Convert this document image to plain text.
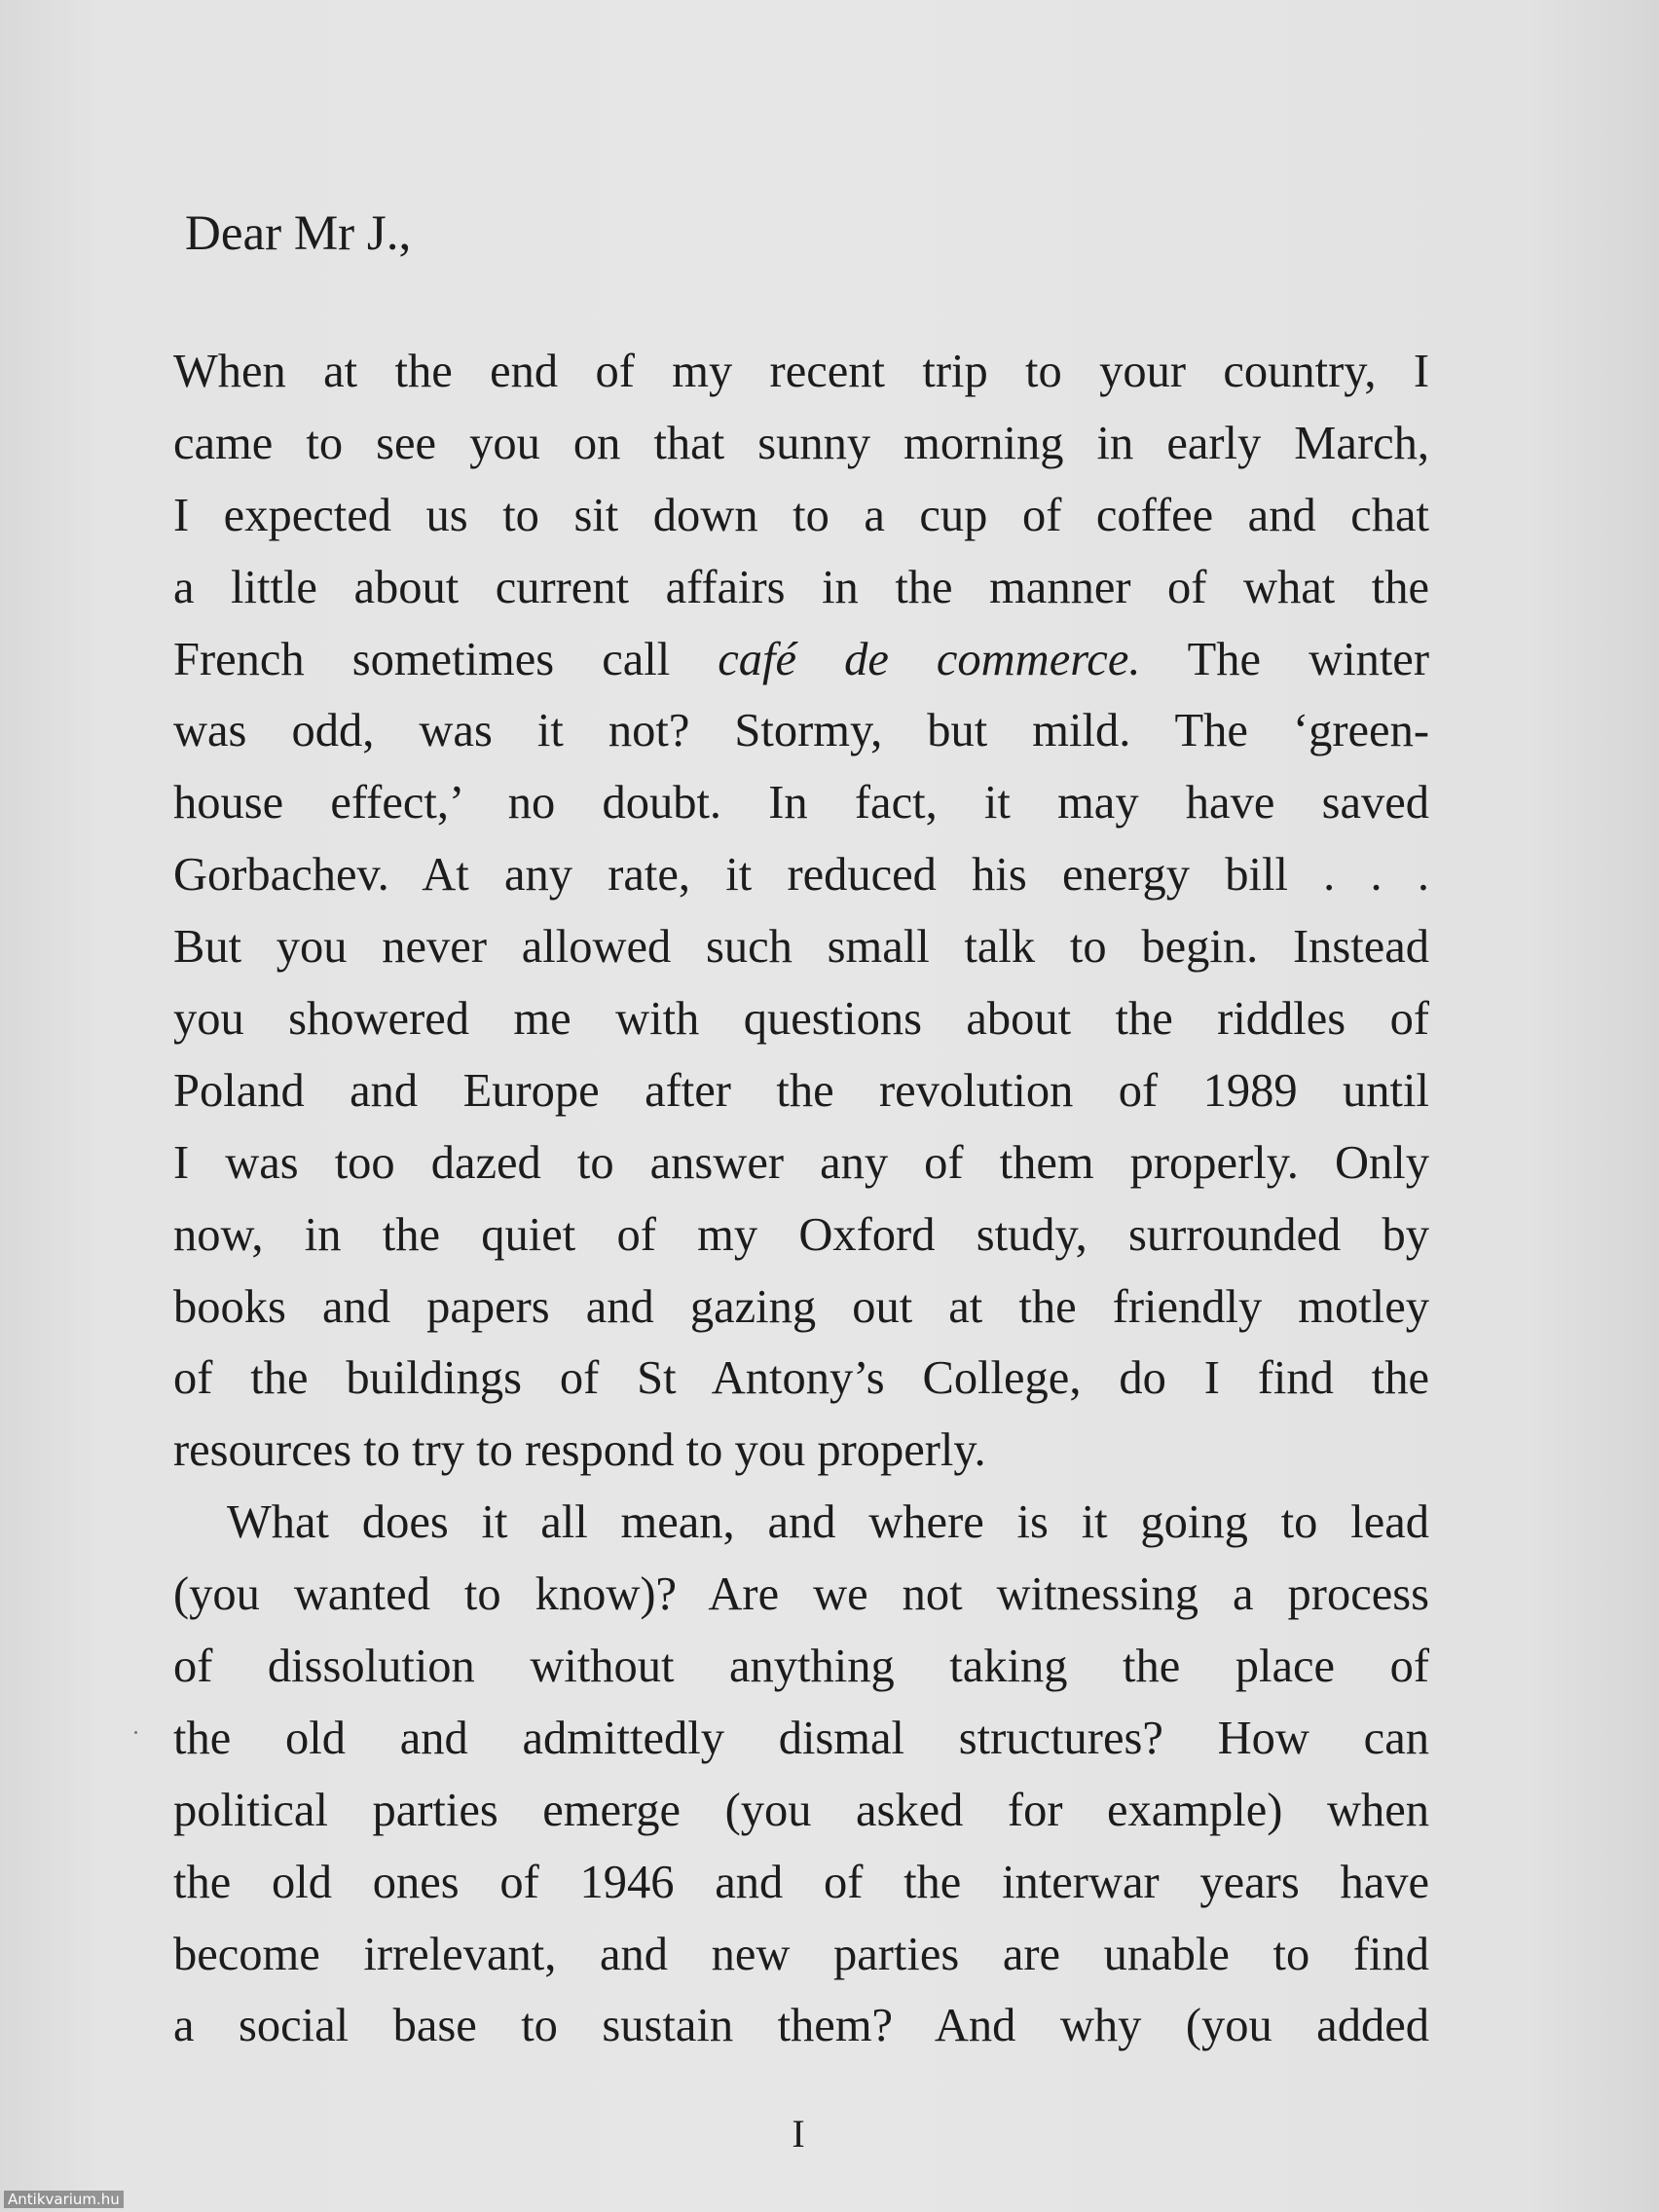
Dear Mr J.,
When at the end of my recent trip to your country, I
came to see you on that sunny morning in early March,
I expected us to sit down to a cup of coffee and chat
a little about current affairs in the manner of what the
French sometimes call café de commerce. The winter
was odd, was it not? Stormy, but mild. The ‘green-
house effect,’ no doubt. In fact, it may have saved
Gorbachev. At any rate, it reduced his energy bill . . .
But you never allowed such small talk to begin. Instead
you showered me with questions about the riddles of
Poland and Europe after the revolution of 1989 until
I was too dazed to answer any of them properly. Only
now, in the quiet of my Oxford study, surrounded by
books and papers and gazing out at the friendly motley
of the buildings of St Antony’s College, do I find the
resources to try to respond to you properly.
What does it all mean, and where is it going to lead
(you wanted to know)? Are we not witnessing a process
of dissolution without anything taking the place of
the old and admittedly dismal structures? How can
political parties emerge (you asked for example) when
the old ones of 1946 and of the interwar years have
become irrelevant, and new parties are unable to find
a social base to sustain them? And why (you added
I
Antikvarium.hu
